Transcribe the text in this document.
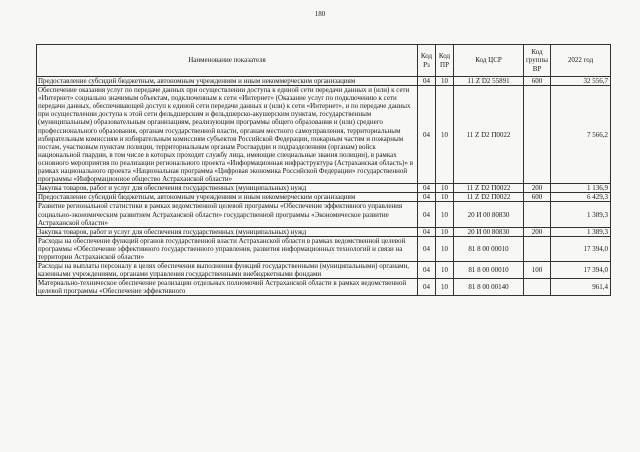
180
Наименование показателя	Код Рз	Код ПР	Код ЦСР	Код группы ВР	2022 год
Предоставление субсидий бюджетным, автономным учреждениям и иным некоммерческим организациям	04	10	11 Z D2 55891	600	32 556,7
Обеспечение оказания услуг по передаче данных при осуществлении доступа к единой сети передачи данных и (или) к сети «Интернет» социально значимым объектам, подключенным к сети «Интернет» (Оказание услуг по подключению к сети передачи данных, обеспечивающей доступ к единой сети передачи данных и (или) к сети «Интернет», и по передаче данных при осуществлении доступа к этой сети фельдшерским и фельдшерско-акушерским пунктам, государственным (муниципальным) образовательным организациям, реализующим программы общего образования и (или) среднего профессионального образования, органам государственной власти, органам местного самоуправления, территориальным избирательным комиссиям и избирательным комиссиям субъектов Российской Федерации, пожарным частям и пожарным постам, участковым пунктам полиции, территориальным органам Росгвардии и подразделениям (органам) войск национальной гвардии, в том числе в которых проходят службу лица, имеющие специальные звания полиции), в рамках основного мероприятия по реализации регионального проекта «Информационная инфраструктура (Астраханская область)» в рамках национального проекта «Национальная программа «Цифровая экономика Российской Федерации» государственной программы «Информационное общество Астраханской области»	04	10	11 Z D2 П0022		7 566,2
Закупка товаров, работ и услуг для обеспечения государственных (муниципальных) нужд	04	10	11 Z D2 П0022	200	1 136,9
Предоставление субсидий бюджетным, автономным учреждениям и иным некоммерческим организациям	04	10	11 Z D2 П0022	600	6 429,3
Развитие региональной статистики в рамках ведомственной целевой программы «Обеспечение эффективного управления социально-экономическим развитием Астраханской области» государственной программы «Экономическое развитие Астраханской области»	04	10	20 И 00 80830		1 389,3
Закупка товаров, работ и услуг для обеспечения государственных (муниципальных) нужд	04	10	20 И 00 80830	200	1 389,3
Расходы на обеспечение функций органов государственной власти Астраханской области в рамках ведомственной целевой программы «Обеспечение эффективного государственного управления, развития информационных технологий и связи на территории Астраханской области»	04	10	81 8 00 00010		17 394,0
Расходы на выплаты персоналу в целях обеспечения выполнения функций государственными (муниципальными) органами, казенными учреждениями, органами управления государственными внебюджетными фондами	04	10	81 8 00 00010	100	17 394,0
Материально-техническое обеспечение реализации отдельных полномочий Астраханской области в рамках ведомственной целевой программы «Обеспечение эффективного	04	10	81 8 00 00140		961,4
